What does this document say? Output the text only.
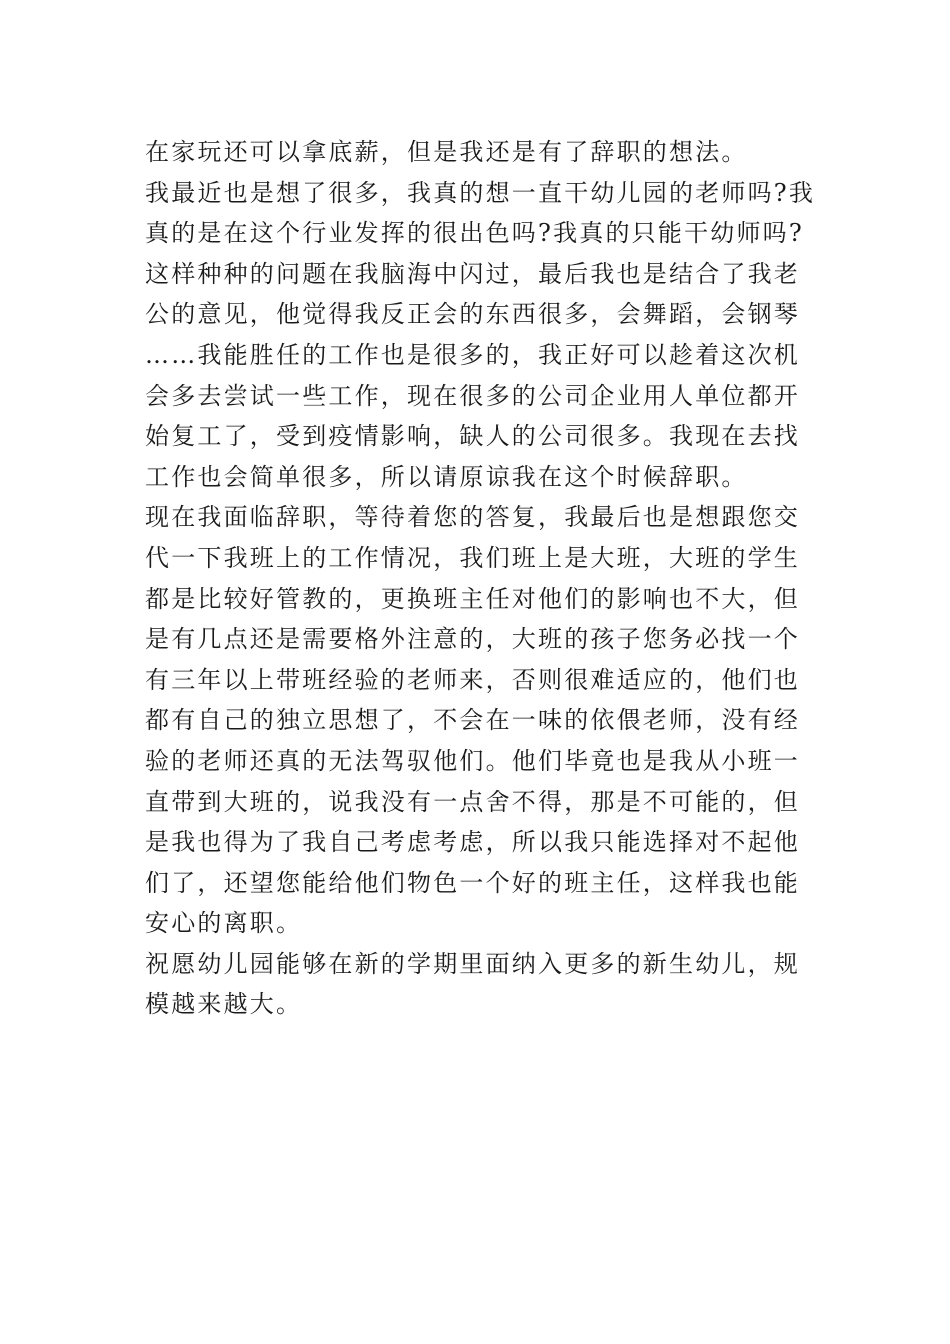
在家玩还可以拿底薪，但是我还是有了辞职的想法。
我最近也是想了很多，我真的想一直干幼儿园的老师吗?我
真的是在这个行业发挥的很出色吗?我真的只能干幼师吗?
这样种种的问题在我脑海中闪过，最后我也是结合了我老
公的意见，他觉得我反正会的东西很多，会舞蹈，会钢琴
……我能胜任的工作也是很多的，我正好可以趁着这次机
会多去尝试一些工作，现在很多的公司企业用人单位都开
始复工了，受到疫情影响，缺人的公司很多。我现在去找
工作也会简单很多，所以请原谅我在这个时候辞职。
现在我面临辞职，等待着您的答复，我最后也是想跟您交
代一下我班上的工作情况，我们班上是大班，大班的学生
都是比较好管教的，更换班主任对他们的影响也不大，但
是有几点还是需要格外注意的，大班的孩子您务必找一个
有三年以上带班经验的老师来，否则很难适应的，他们也
都有自己的独立思想了，不会在一味的依偎老师，没有经
验的老师还真的无法驾驭他们。他们毕竟也是我从小班一
直带到大班的，说我没有一点舍不得，那是不可能的，但
是我也得为了我自己考虑考虑，所以我只能选择对不起他
们了，还望您能给他们物色一个好的班主任，这样我也能
安心的离职。
祝愿幼儿园能够在新的学期里面纳入更多的新生幼儿，规
模越来越大。
